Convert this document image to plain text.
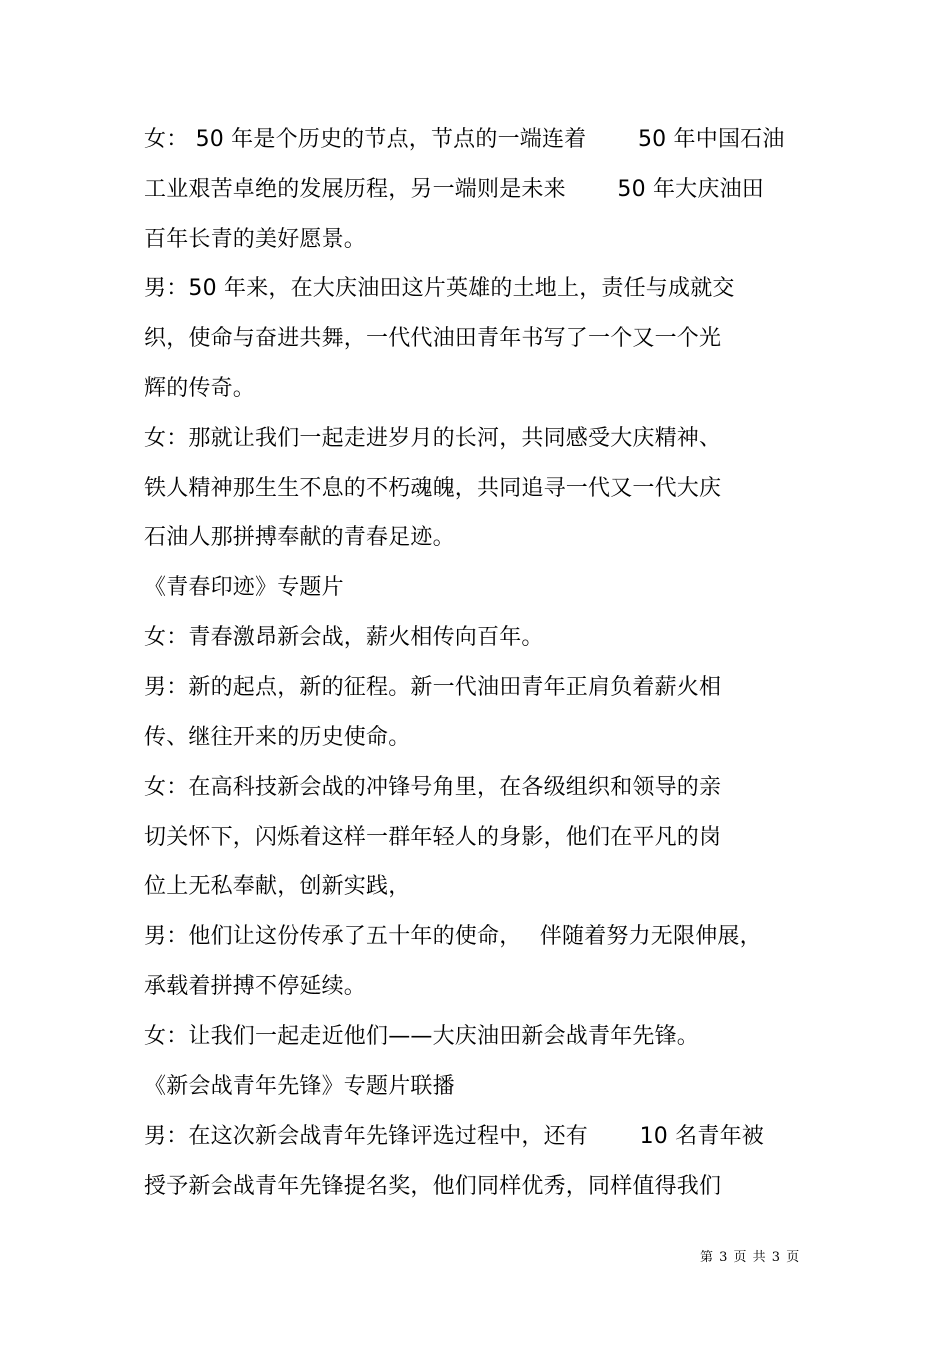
女： 50 年是个历史的节点，节点的一端连着　　 50 年中国石油
工业艰苦卓绝的发展历程，另一端则是未来　　 50 年大庆油田
百年长青的美好愿景。
男：50 年来，在大庆油田这片英雄的土地上，责任与成就交
织，使命与奋进共舞，一代代油田青年书写了一个又一个光
辉的传奇。
女：那就让我们一起走进岁月的长河，共同感受大庆精神、
铁人精神那生生不息的不朽魂魄，共同追寻一代又一代大庆
石油人那拼搏奉献的青春足迹。
《青春印迹》专题片
女：青春激昂新会战，薪火相传向百年。
男：新的起点，新的征程。新一代油田青年正肩负着薪火相
传、继往开来的历史使命。
女：在高科技新会战的冲锋号角里，在各级组织和领导的亲
切关怀下，闪烁着这样一群年轻人的身影，他们在平凡的岗
位上无私奉献，创新实践，
男：他们让这份传承了五十年的使命，　 伴随着努力无限伸展，
承载着拼搏不停延续。
女：让我们一起走近他们——大庆油田新会战青年先锋。
《新会战青年先锋》专题片联播
男：在这次新会战青年先锋评选过程中，还有　　 10 名青年被
授予新会战青年先锋提名奖，他们同样优秀，同样值得我们
第 3 页 共 3 页
